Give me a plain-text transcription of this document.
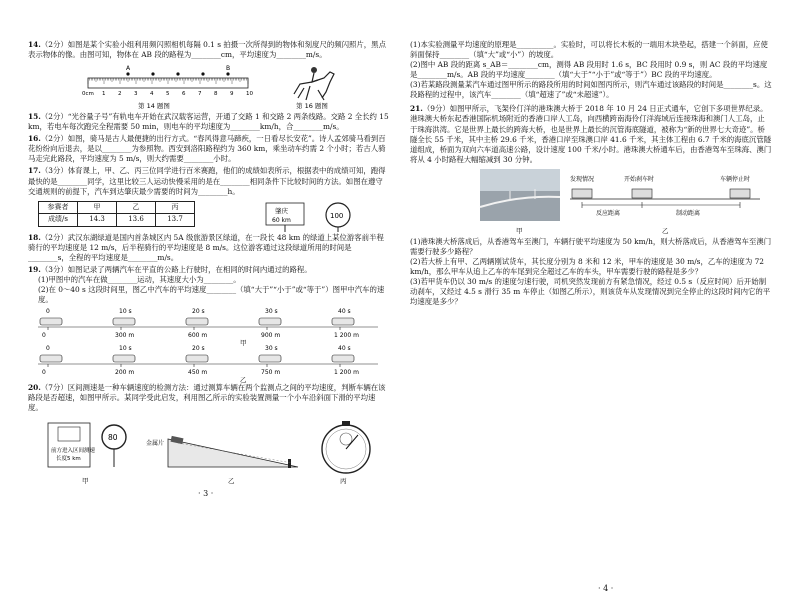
14.（2分）如图是某个实验小组利用频闪照相机每隔 0.1 s 拍摄一次所得到的物体和刻度尺的频闪照片，黑点表示物体的像。由图可知，物体在 AB 段的路程为________cm，平均速度为________m/s。
0cm 1 2 3 4 5 6 7 8 9 10
A	B
第 14 题图	第 16 题图
15.（2分）“光谷量子号”有轨电车开始在武汉载客运营，开通了交路 1 和交路 2 两条线路。交路 2 全长约 15 km，若电车每次跑完全程需要 50 min，则电车的平均速度为________km/h，合________m/s。
16.（2分）如图，骑马是古人最便捷的出行方式。“春风得意马蹄疾，一日看尽长安花”。诗人孟郊骑马看到百花纷纷向后退去，是以________为参照物。西安到洛阳路程约为 360 km，乘坐动车约需 2 个小时；若古人骑马走完此路段，平均速度为 5 m/s，则大约需要________小时。
17.（3分）体育课上，甲、乙、丙三位同学进行百米赛跑，他们的成绩如表所示，根据表中的成绩可知，跑得最快的是________同学，这里比较三人运动快慢采用的是在________相同条件下比较时间的方法。如图在遵守交通规则的前提下，汽车到达肇庆最少需要的时间为________h。
参赛者	甲	乙	丙
成绩/s	14.3	13.6	13.7
肇庆
60 km
100
18.（2分）武汉东湖绿道是国内首条城区内 5A 级旅游景区绿道，在一段长 48 km 的绿道上某位游客前半程骑行的平均速度是 12 m/s，后半程骑行的平均速度是 8 m/s。这位游客通过这段绿道所用的时间是________s，全程的平均速度是________m/s。
19.（3分）如图记录了两辆汽车在平直的公路上行驶时，在相同的时间内通过的路程。
(1)甲图中的汽车在做________运动，其速度大小为________。
(2)在 0～40 s 这段时间里，图乙中汽车的平均速度________（填“大于”“小于”或“等于”）图甲中汽车的速度。
0
0
10 s
300 m
20 s
600 m
30 s
900 m
40 s
1 200 m
甲
0
0
10 s
200 m
20 s
450 m
30 s
750 m
40 s
1 200 m
乙
20.（7分）区间测速是一种车辆速度的检测方法：通过测算车辆在两个监测点之间的平均速度，判断车辆在该路段是否超速，如图甲所示。某同学受此启发，利用图乙所示的实验装置测量一个小车沿斜面下滑的平均速度。
前方进入区间测速
长度5 km
80
甲
金属片
乙	丙
· 3 ·
(1)本实验测量平均速度的原理是__________。实验时，可以将长木板的一端用木块垫起，搭建一个斜面，应使斜面保持________（填“大”或“小”）的坡度。
(2)图中 AB 段的距离 s_AB＝________cm，测得 AB 段用时 1.6 s，BC 段用时 0.9 s，则 AC 段的平均速度是________m/s。AB 段的平均速度________（填“大于”“小于”或“等于”）BC 段的平均速度。
(3)若某路段测量某汽车通过图甲所示的路段所用的时间如图丙所示，则汽车通过该路段的时间是________s。这段路程的过程中，该汽车________（填“超速了”或“未超速”）。
21.（9分）如图甲所示，飞架伶仃洋的港珠澳大桥于 2018 年 10 月 24 日正式通车，它创下多项世界纪录。港珠澳大桥东起香港国际机场附近的香港口岸人工岛，向西横跨南海伶仃洋海域后连接珠海和澳门人工岛，止于珠海洪湾。它是世界上最长的跨海大桥，也是世界上最长的沉管海底隧道，被称为“新的世界七大奇迹”。桥隧全长 55 千米，其中主桥 29.6 千米，香港口岸至珠澳口岸 41.6 千米，其主体工程由 6.7 千米的海底沉管隧道组成，桥面为双向六车道高速公路，设计速度 100 千米/小时。港珠澳大桥通车后，由香港驾车至珠海、澳门将从 4 小时路程大幅缩减到 30 分钟。
甲
发现情况	开始刹车时	车辆停止时
反应距离	制动距离
乙
(1)港珠澳大桥落成后，从香港驾车至澳门，车辆行驶平均速度为 50 km/h，则大桥落成后，从香港驾车至澳门需要行驶多少路程？
(2)若大桥上有甲、乙两辆刚试货车，其长度分别为 8 米和 12 米，甲车的速度是 30 m/s，乙车的速度为 72 km/h，那么甲车从追上乙车的车尾到完全超过乙车的车头，甲车需要行驶的路程是多少？
(3)若甲货车仍以 30 m/s 的速度匀速行驶，司机突然发现前方有紧急情况，经过 0.5 s（反应时间）后开始制动刹车，又经过 4.5 s 滑行 35 m 车停止（如图乙所示），则该货车从发现情况到完全停止的这段时间内它的平均速度是多少？
· 4 ·
